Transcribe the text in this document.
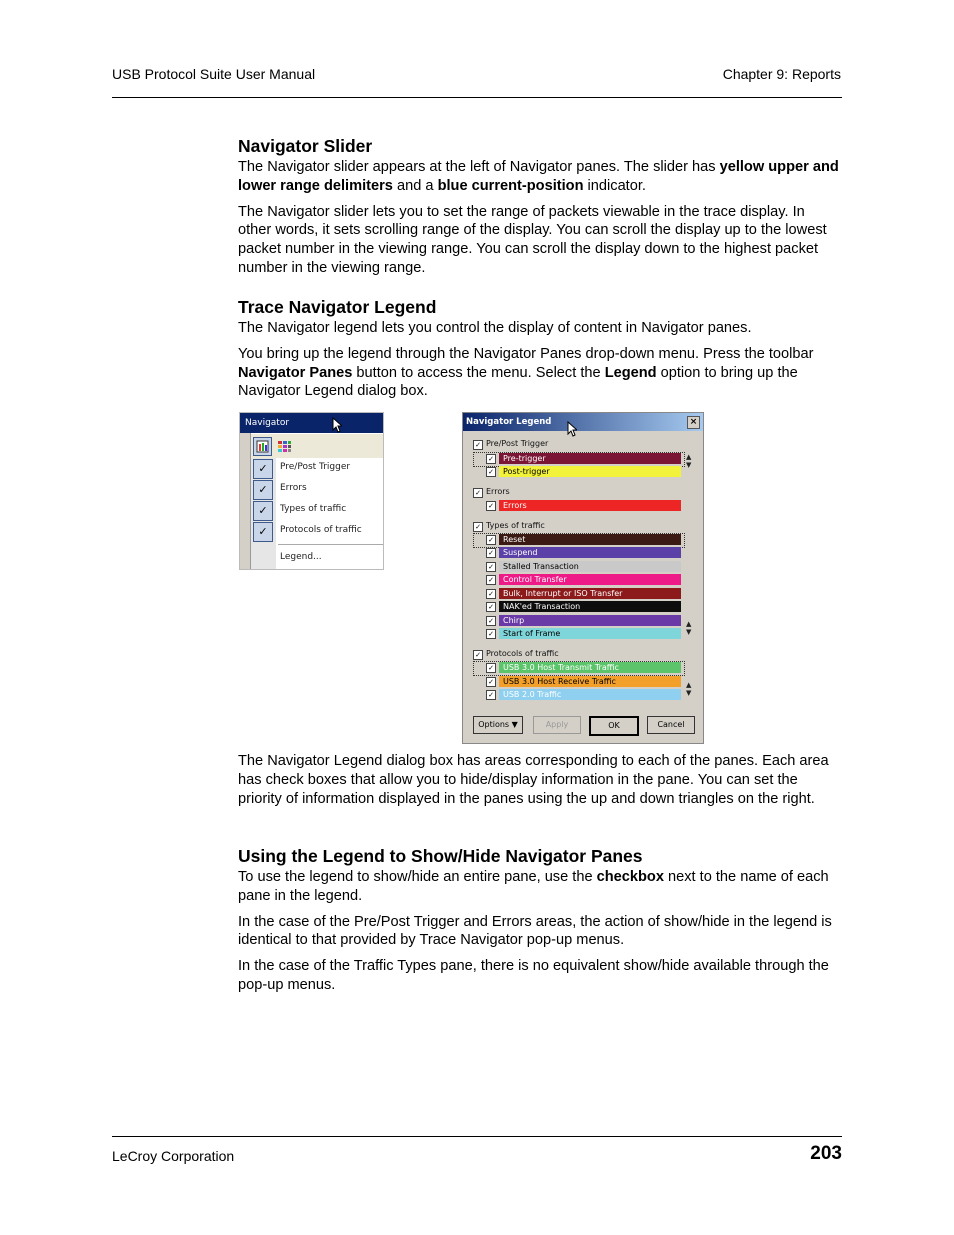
USB Protocol Suite User Manual	Chapter 9: Reports
Navigator Slider

The Navigator slider appears at the left of Navigator panes. The slider has yellow upper and lower range delimiters and a blue current-position indicator.

The Navigator slider lets you to set the range of packets viewable in the trace display. In other words, it sets scrolling range of the display. You can scroll the display up to the lowest packet number in the viewing range. You can scroll the display down to the highest packet number in the viewing range.

Trace Navigator Legend

The Navigator legend lets you control the display of content in Navigator panes.

You bring up the legend through the Navigator Panes drop-down menu. Press the toolbar Navigator Panes button to access the menu. Select the Legend option to bring up the Navigator Legend dialog box.

Navigator
✓	Pre/Post Trigger
✓	Errors
✓	Types of traffic
✓	Protocols of traffic
Legend...
Navigator Legend	×
✓ Pre/Post Trigger
✓	Pre-trigger
✓	Post-trigger
▲
▼
✓ Errors
✓	Errors
✓ Types of traffic
✓	Reset
✓	Suspend
✓	Stalled Transaction
✓	Control Transfer
✓	Bulk, Interrupt or ISO Transfer
✓	NAK'ed Transaction
✓	Chirp
✓	Start of Frame
▲
▼
✓ Protocols of traffic
✓	USB 3.0 Host Transmit Traffic
✓	USB 3.0 Host Receive Traffic
✓	USB 2.0 Traffic
▲
▼
Options ▼	Apply	OK	Cancel

The Navigator Legend dialog box has areas corresponding to each of the panes. Each area has check boxes that allow you to hide/display information in the pane. You can set the priority of information displayed in the panes using the up and down triangles on the right.

Using the Legend to Show/Hide Navigator Panes

To use the legend to show/hide an entire pane, use the checkbox next to the name of each pane in the legend.

In the case of the Pre/Post Trigger and Errors areas, the action of show/hide in the legend is identical to that provided by Trace Navigator pop-up menus.

In the case of the Traffic Types pane, there is no equivalent show/hide available through the pop-up menus.

LeCroy Corporation	203
